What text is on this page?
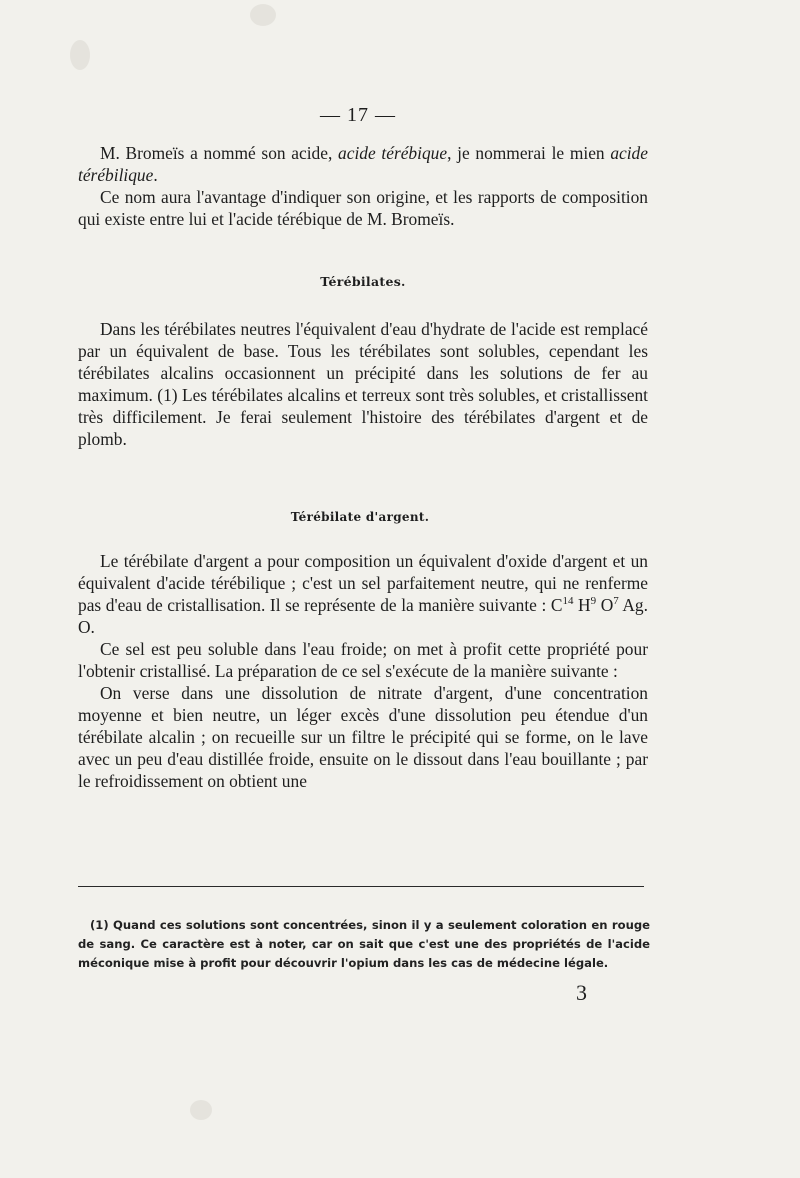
— 17 —

M. Bromeïs a nommé son acide, acide térébique, je nommerai le mien acide térébilique.

Ce nom aura l'avantage d'indiquer son origine, et les rapports de composition qui existe entre lui et l'acide térébique de M. Bromeïs.

Térébilates.

Dans les térébilates neutres l'équivalent d'eau d'hydrate de l'acide est remplacé par un équivalent de base. Tous les térébilates sont solubles, cependant les térébilates alcalins occasionnent un précipité dans les solutions de fer au maximum. (1) Les térébilates alcalins et terreux sont très solubles, et cristallissent très difficilement. Je ferai seulement l'histoire des térébilates d'argent et de plomb.

Térébilate d'argent.

Le térébilate d'argent a pour composition un équivalent d'oxide d'argent et un équivalent d'acide térébilique ; c'est un sel parfaitement neutre, qui ne renferme pas d'eau de cristallisation. Il se représente de la manière suivante : $C^{14}$ $H^9$ $O^7$ Ag. O.

Ce sel est peu soluble dans l'eau froide; on met à profit cette propriété pour l'obtenir cristallisé. La préparation de ce sel s'exécute de la manière suivante :

On verse dans une dissolution de nitrate d'argent, d'une concentration moyenne et bien neutre, un léger excès d'une dissolution peu étendue d'un térébilate alcalin ; on recueille sur un filtre le précipité qui se forme, on le lave avec un peu d'eau distillée froide, ensuite on le dissout dans l'eau bouillante ; par le refroidissement on obtient une

(1) Quand ces solutions sont concentrées, sinon il y a seulement coloration en rouge de sang. Ce caractère est à noter, car on sait que c'est une des propriétés de l'acide méconique mise à profit pour découvrir l'opium dans les cas de médecine légale.

3
